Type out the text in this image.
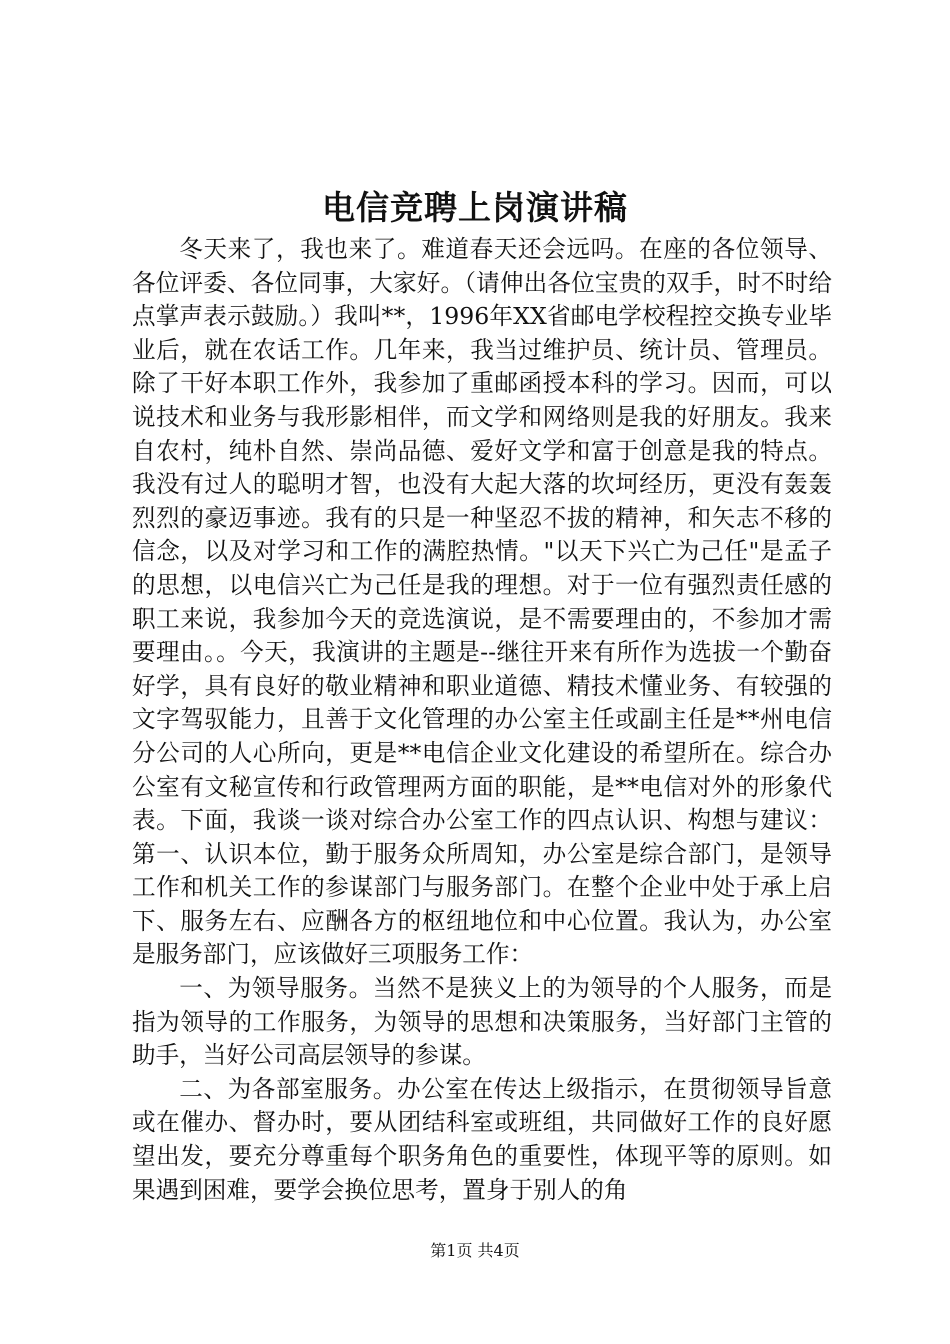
电信竞聘上岗演讲稿

冬天来了，我也来了。难道春天还会远吗。在座的各位领导、各位评委、各位同事，大家好。（请伸出各位宝贵的双手，时不时给点掌声表示鼓励。）我叫**，1996年XX省邮电学校程控交换专业毕业后，就在农话工作。几年来，我当过维护员、统计员、管理员。除了干好本职工作外，我参加了重邮函授本科的学习。因而，可以说技术和业务与我形影相伴，而文学和网络则是我的好朋友。我来自农村，纯朴自然、崇尚品德、爱好文学和富于创意是我的特点。我没有过人的聪明才智，也没有大起大落的坎坷经历，更没有轰轰烈烈的豪迈事迹。我有的只是一种坚忍不拔的精神，和矢志不移的信念，以及对学习和工作的满腔热情。"以天下兴亡为己任"是孟子的思想，以电信兴亡为己任是我的理想。对于一位有强烈责任感的职工来说，我参加今天的竞选演说，是不需要理由的，不参加才需要理由。。今天，我演讲的主题是--继往开来有所作为选拔一个勤奋好学，具有良好的敬业精神和职业道德、精技术懂业务、有较强的文字驾驭能力，且善于文化管理的办公室主任或副主任是**州电信分公司的人心所向，更是**电信企业文化建设的希望所在。综合办公室有文秘宣传和行政管理两方面的职能，是**电信对外的形象代表。下面，我谈一谈对综合办公室工作的四点认识、构想与建议：第一、认识本位，勤于服务众所周知，办公室是综合部门，是领导工作和机关工作的参谋部门与服务部门。在整个企业中处于承上启下、服务左右、应酬各方的枢纽地位和中心位置。我认为，办公室是服务部门，应该做好三项服务工作：

一、为领导服务。当然不是狭义上的为领导的个人服务，而是指为领导的工作服务，为领导的思想和决策服务，当好部门主管的助手，当好公司高层领导的参谋。

二、为各部室服务。办公室在传达上级指示，在贯彻领导旨意或在催办、督办时，要从团结科室或班组，共同做好工作的良好愿望出发，要充分尊重每个职务角色的重要性，体现平等的原则。如果遇到困难，要学会换位思考，置身于别人的角

第1页 共4页
